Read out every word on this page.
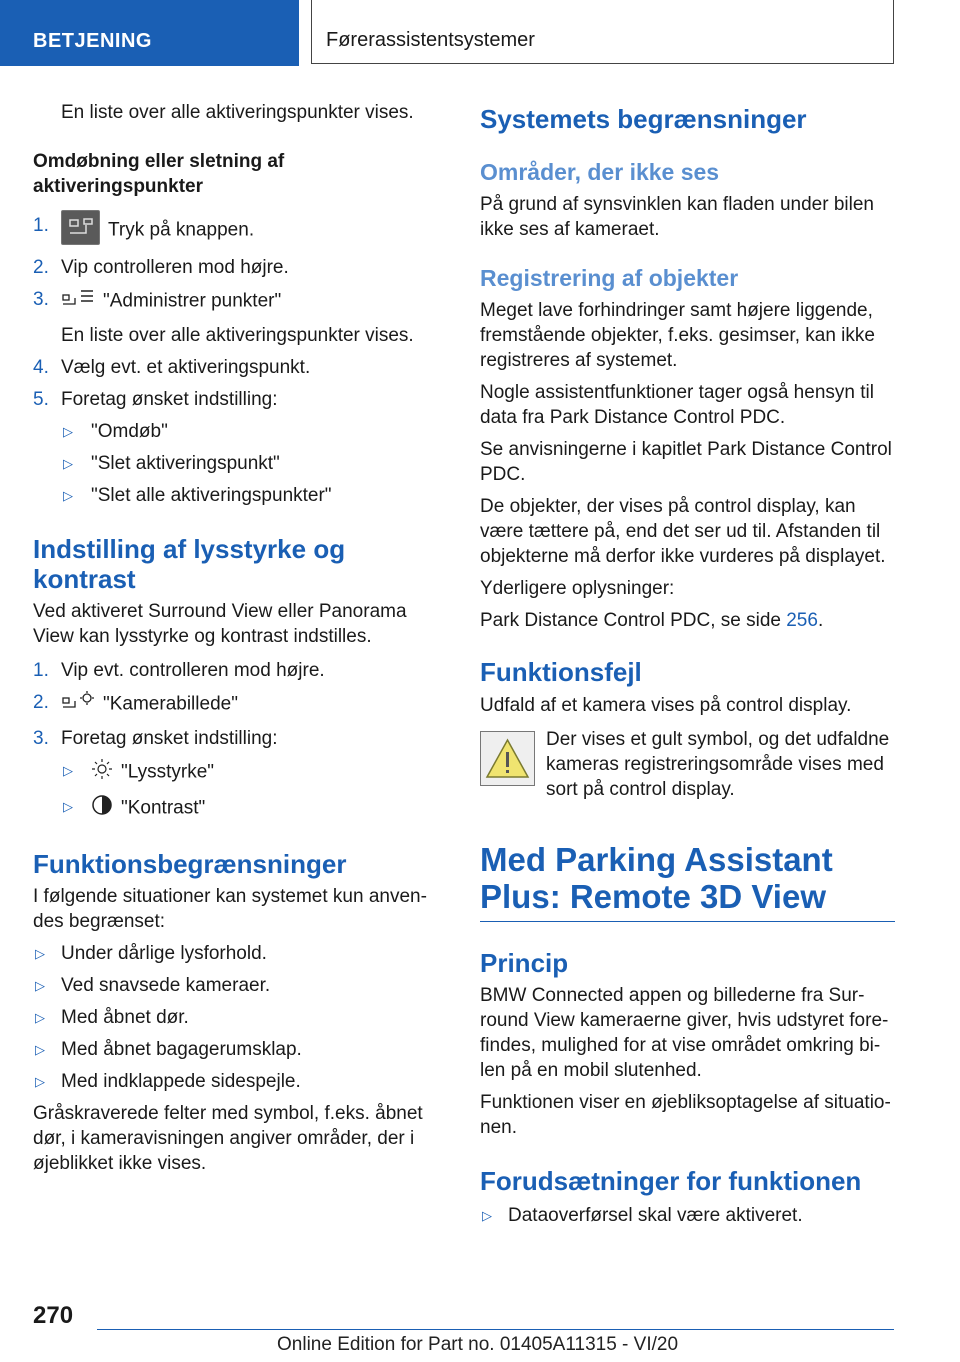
BETJENING	Førerassistentsystemer

En liste over alle aktiveringspunkter vises.

Omdøbning eller sletning af aktiveringspunkter

1.	Tryk på knappen.
2. Vip controlleren mod højre.
3.	"Administrer punkter"
En liste over alle aktiveringspunkter vises.
4. Vælg evt. et aktiveringspunkt.
5. Foretag ønsket indstilling:
▷ "Omdøb"
▷ "Slet aktiveringspunkt"
▷ "Slet alle aktiveringspunkter"

Indstilling af lysstyrke og kontrast

Ved aktiveret Surround View eller Panorama View kan lysstyrke og kontrast indstilles.

1. Vip evt. controlleren mod højre.
2.	"Kamerabillede"
3. Foretag ønsket indstilling:
▷	"Lysstyrke"
▷	"Kontrast"

Funktionsbegrænsninger

I følgende situationer kan systemet kun anvendes begrænset:

▷ Under dårlige lysforhold.
▷ Ved snavsede kameraer.
▷ Med åbnet dør.
▷ Med åbnet bagagerumsklap.
▷ Med indklappede sidespejle.

Gråskraverede felter med symbol, f.eks. åbnet dør, i kameravisningen angiver områder, der i øjeblikket ikke vises.

Systemets begrænsninger

Områder, der ikke ses

På grund af synsvinklen kan fladen under bilen ikke ses af kameraet.

Registrering af objekter

Meget lave forhindringer samt højere liggende, fremstående objekter, f.eks. gesimser, kan ikke registreres af systemet.

Nogle assistentfunktioner tager også hensyn til data fra Park Distance Control PDC.

Se anvisningerne i kapitlet Park Distance Control PDC.

De objekter, der vises på control display, kan være tættere på, end det ser ud til. Afstanden til objekterne må derfor ikke vurderes på displayet.

Yderligere oplysninger:

Park Distance Control PDC, se side 256.

Funktionsfejl

Udfald af et kamera vises på control display.

Der vises et gult symbol, og det udfaldne kameras registreringsområde vises med sort på control display.

Med Parking Assistant Plus: Remote 3D View

Princip

BMW Connected appen og billederne fra Surround View kameraerne giver, hvis udstyret forefindes, mulighed for at vise området omkring bilen på en mobil slutenhed.

Funktionen viser en øjebliksoptagelse af situationen.

Forudsætninger for funktionen

▷ Dataoverførsel skal være aktiveret.
270
Online Edition for Part no. 01405A11315 - VI/20
